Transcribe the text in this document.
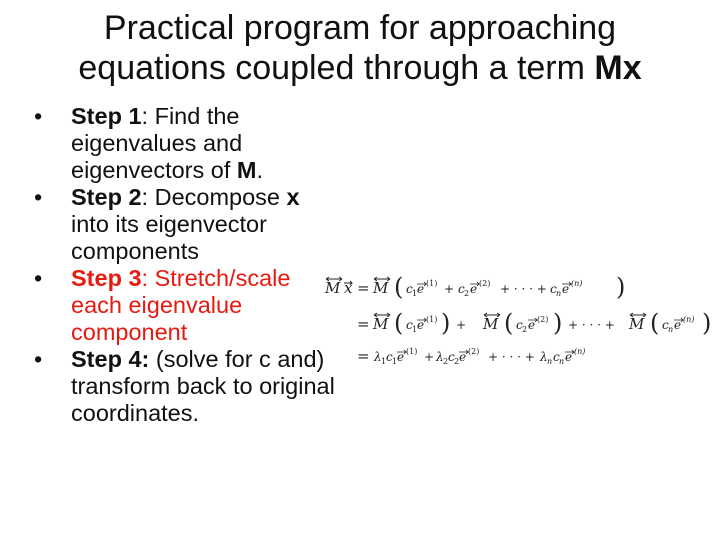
Practical program for approaching
equations coupled through a term Mx
• Step 1: Find the eigenvalues and eigenvectors of M.
• Step 2: Decompose x into its eigenvector components
• Step 3: Stretch/scale each eigenvalue component
• Step 4: (solve for c and) transform back to original coordinates.
M x = M ( c 1 e (1) + c 2 e (2) + · · · + c n e (n) )
= M ( c 1 e (1) ) + M ( c 2 e (2) ) + · · · + M ( c n e (n) )
= λ 1 c 1 e (1) + λ 2 c 2 e (2) + · · · + λ n c n e (n)
